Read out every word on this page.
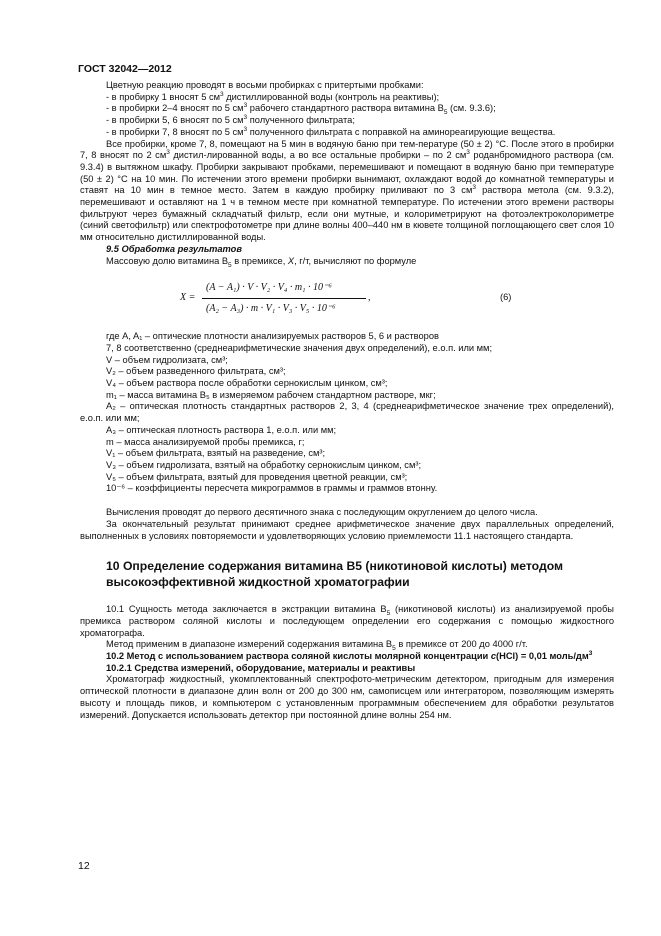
ГОСТ 32042—2012

Цветную реакцию проводят в восьми пробирках с притертыми пробками:

- в пробирку 1 вносят 5 $см^3$ дистиллированной воды (контроль на реактивы);

- в пробирки 2–4 вносят по 5 $см^3$ рабочего стандартного раствора витамина $B_5$ (см. 9.3.6);

- в пробирки 5, 6 вносят по 5 $см^3$ полученного фильтрата;

- в пробирки 7, 8 вносят по 5 $см^3$ полученного фильтрата с поправкой на аминореагирующие вещества.

Все пробирки, кроме 7, 8, помещают на 5 мин в водяную баню при тем-пературе (50 ± 2) °С. После этого в пробирки 7, 8 вносят по 2 $см^3$ дистил-лированной воды, а во все остальные пробирки – по 2 $см^3$ роданбромидного раствора (см. 9.3.4) в вытяжном шкафу. Пробирки закрывают пробками, перемешивают и помещают в водяную баню при температуре (50 ± 2) °С на 10 мин. По истечении этого времени пробирки вынимают, охлаждают водой до комнатной температуры и ставят на 10 мин в темное место. Затем в каждую пробирку приливают по 3 $см^3$ раствора метола (см. 9.3.2), перемешивают и оставляют на 1 ч в темном месте при комнатной температуре. По истечении этого времени растворы фильтруют через бумажный складчатый фильтр, если они мутные, и колориметрируют на фотоэлектроколориметре (синий светофильтр) или спектрофотометре при длине волны 400–440 нм в кювете толщиной поглощающего свет слоя 10 мм относительно дистиллированной воды.

9.5 Обработка результатов

Массовую долю витамина $B_5$ в премиксе, X, г/т, вычисляют по формуле

X =
(A − A₁) · V · V₂ · V₄ · m₁ · 10⁻⁶
(A₂ − A₃) · m · V₁ · V₃ · V₅ · 10⁻⁶
,	(6)

где A, A₁ – оптические плотности анализируемых растворов 5, 6 и растворов

7, 8 соответственно (среднеарифметические значения двух определений), е.о.п. или мм;

V – объем гидролизата, см³;

V₂ – объем разведенного фильтрата, см³;

V₄ – объем раствора после обработки сернокислым цинком, см³;

m₁ – масса витамина B₅ в измеряемом рабочем стандартном растворе, мкг;

A₂ – оптическая плотность стандартных растворов 2, 3, 4 (среднеарифметическое значение трех определений), е.о.п. или мм;

A₃ – оптическая плотность раствора 1, е.о.п. или мм;

m – масса анализируемой пробы премикса, г;

V₁ – объем фильтрата, взятый на разведение, см³;

V₃ – объем гидролизата, взятый на обработку сернокислым цинком, см³;

V₅ – объем фильтрата, взятый для проведения цветной реакции, см³;

10⁻⁶ – коэффициенты пересчета микрограммов в граммы и граммов втонну.

Вычисления проводят до первого десятичного знака с последующим округлением до целого числа.

За окончательный результат принимают среднее арифметическое значение двух параллельных определений, выполненных в условиях повторяемости и удовлетворяющих условию приемлемости 11.1 настоящего стандарта.

10 Определение содержания витамина B5 (никотиновой кислоты) методом высокоэффективной жидкостной хроматографии

10.1 Сущность метода заключается в экстракции витамина $B_5$ (никотиновой кислоты) из анализируемой пробы премикса раствором соляной кислоты и последующем определении его содержания с помощью жидкостного хроматографа.

Метод применим в диапазоне измерений содержания витамина $B_5$ в премиксе от 200 до 4000 г/т.

10.2 Метод с использованием раствора соляной кислоты молярной концентрации c(HCl) = 0,01 моль/$дм^3$

10.2.1 Средства измерений, оборудование, материалы и реактивы

Хроматограф жидкостный, укомплектованный спектрофото-метрическим детектором, пригодным для измерения оптической плотности в диапазоне длин волн от 200 до 300 нм, самописцем или интегратором, позволяющим измерять высоту и площадь пиков, и компьютером с установленным программным обеспечением для обработки результатов измерений. Допускается использовать детектор при постоянной длине волны 254 нм.

12
